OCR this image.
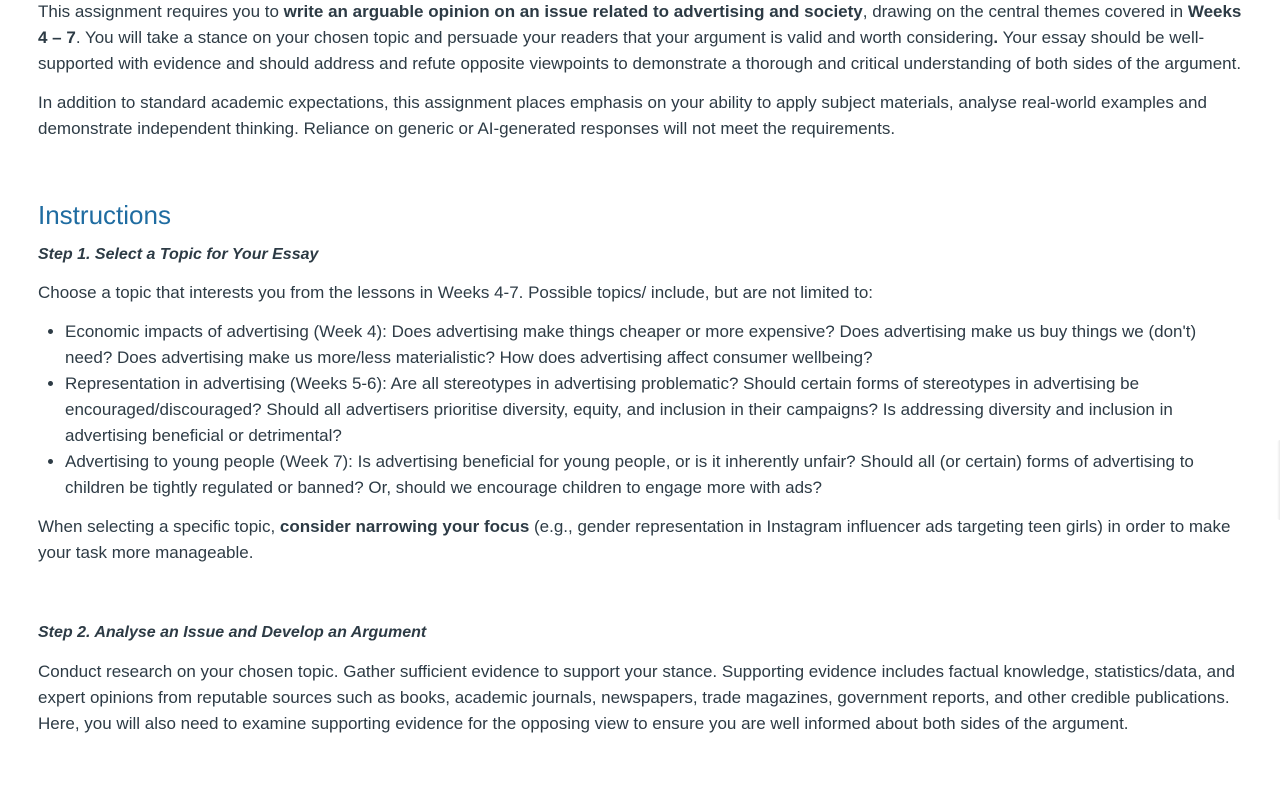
This assignment requires you to write an arguable opinion on an issue related to advertising and society, drawing on the central themes covered in Weeks 4 – 7. You will take a stance on your chosen topic and persuade your readers that your argument is valid and worth considering. Your essay should be well-supported with evidence and should address and refute opposite viewpoints to demonstrate a thorough and critical understanding of both sides of the argument.

In addition to standard academic expectations, this assignment places emphasis on your ability to apply subject materials, analyse real-world examples and demonstrate independent thinking. Reliance on generic or AI-generated responses will not meet the requirements.

Instructions
Step 1. Select a Topic for Your Essay

Choose a topic that interests you from the lessons in Weeks 4-7. Possible topics/ include, but are not limited to:

• Economic impacts of advertising (Week 4): Does advertising make things cheaper or more expensive? Does advertising make us buy things we (don't) need? Does advertising make us more/less materialistic? How does advertising affect consumer wellbeing?
• Representation in advertising (Weeks 5-6): Are all stereotypes in advertising problematic? Should certain forms of stereotypes in advertising be encouraged/discouraged? Should all advertisers prioritise diversity, equity, and inclusion in their campaigns? Is addressing diversity and inclusion in advertising beneficial or detrimental?
• Advertising to young people (Week 7): Is advertising beneficial for young people, or is it inherently unfair? Should all (or certain) forms of advertising to children be tightly regulated or banned? Or, should we encourage children to engage more with ads?

When selecting a specific topic, consider narrowing your focus (e.g., gender representation in Instagram influencer ads targeting teen girls) in order to make your task more manageable.

Step 2. Analyse an Issue and Develop an Argument

Conduct research on your chosen topic. Gather sufficient evidence to support your stance. Supporting evidence includes factual knowledge, statistics/data, and expert opinions from reputable sources such as books, academic journals, newspapers, trade magazines, government reports, and other credible publications. Here, you will also need to examine supporting evidence for the opposing view to ensure you are well informed about both sides of the argument.
